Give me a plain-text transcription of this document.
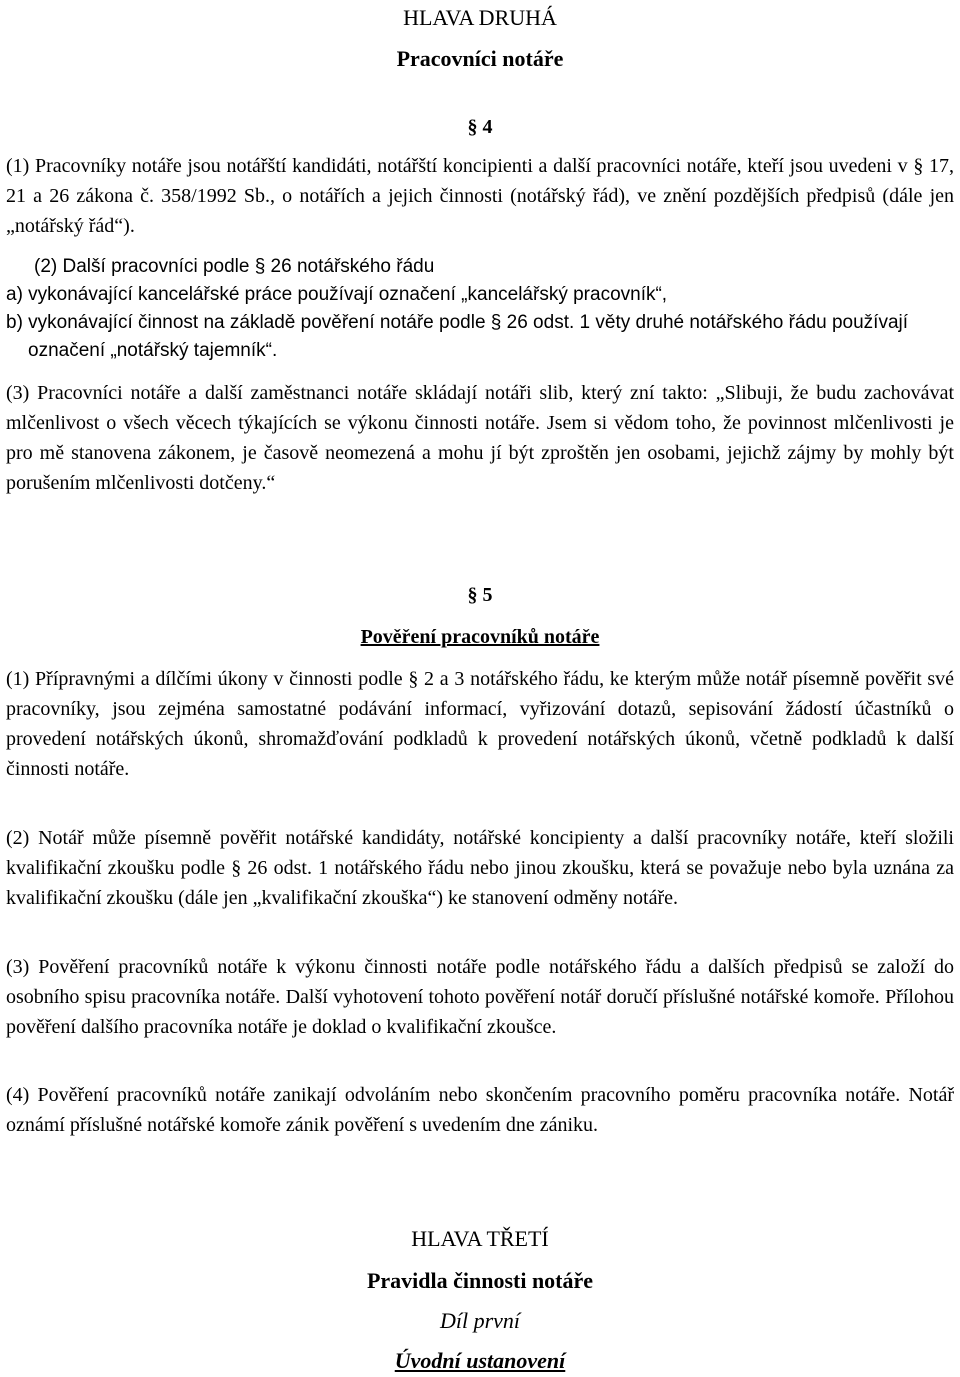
HLAVA DRUHÁ
Pracovníci notáře
§ 4

(1) Pracovníky notáře jsou notářští kandidáti, notářští koncipienti a další pracovníci notáře, kteří jsou uvedeni v § 17, 21 a 26 zákona č. 358/1992 Sb., o notářích a jejich činnosti (notářský řád), ve znění pozdějších předpisů (dále jen „notářský řád“).

(2) Další pracovníci podle § 26 notářského řádu

a) vykonávající kancelářské práce používají označení „kancelářský pracovník“,

b) vykonávající činnost na základě pověření notáře podle § 26 odst. 1 věty druhé notářského řádu používají označení „notářský tajemník“.

(3) Pracovníci notáře a další zaměstnanci notáře skládají notáři slib, který zní takto: „Slibuji, že budu zachovávat mlčenlivost o všech věcech týkajících se výkonu činnosti notáře. Jsem si vědom toho, že povinnost mlčenlivosti je pro mě stanovena zákonem, je časově neomezená a mohu jí být zproštěn jen osobami, jejichž zájmy by mohly být porušením mlčenlivosti dotčeny.“

§ 5
Pověření pracovníků notáře

(1) Přípravnými a dílčími úkony v činnosti podle § 2 a 3 notářského řádu, ke kterým může notář písemně pověřit své pracovníky, jsou zejména samostatné podávání informací, vyřizování dotazů, sepisování žádostí účastníků o provedení notářských úkonů, shromažďování podkladů k provedení notářských úkonů, včetně podkladů k další činnosti notáře.

(2) Notář může písemně pověřit notářské kandidáty, notářské koncipienty a další pracovníky notáře, kteří složili kvalifikační zkoušku podle § 26 odst. 1 notářského řádu nebo jinou zkoušku, která se považuje nebo byla uznána za kvalifikační zkoušku (dále jen „kvalifikační zkouška“) ke stanovení odměny notáře.

(3) Pověření pracovníků notáře k výkonu činnosti notáře podle notářského řádu a dalších předpisů se založí do osobního spisu pracovníka notáře. Další vyhotovení tohoto pověření notář doručí příslušné notářské komoře. Přílohou pověření dalšího pracovníka notáře je doklad o kvalifikační zkoušce.

(4) Pověření pracovníků notáře zanikají odvoláním nebo skončením pracovního poměru pracovníka notáře. Notář oznámí příslušné notářské komoře zánik pověření s uvedením dne zániku.

HLAVA TŘETÍ
Pravidla činnosti notáře
Díl první
Úvodní ustanovení
